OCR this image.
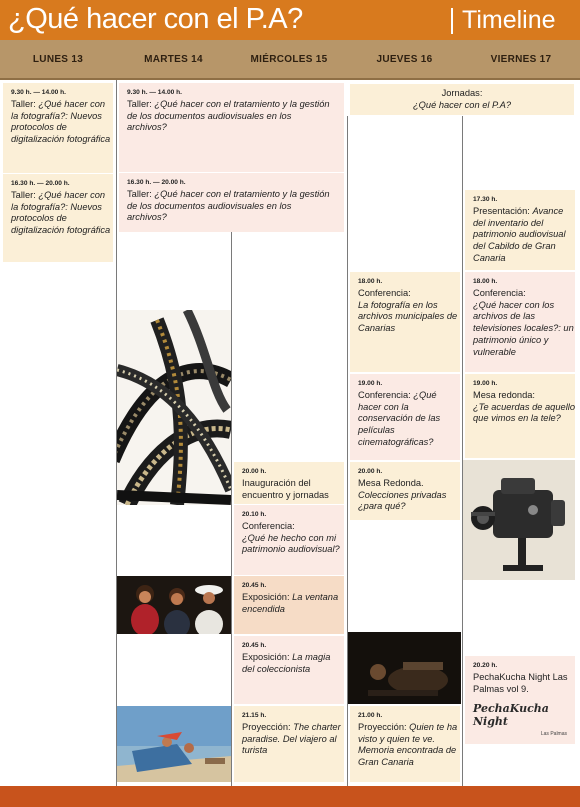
¿Qué hacer con el P.A?	Timeline
LUNES 13	MARTES 14	MIÉRCOLES 15	JUEVES 16	VIERNES 17
9.30 h. — 14.00 h.
Taller: ¿Qué hacer con la fotografía?: Nuevos protocolos de digitalización fotográfica
16.30 h. — 20.00 h.
Taller: ¿Qué hacer con la fotografía?: Nuevos protocolos de digitalización fotográfica
9.30 h. — 14.00 h.
Taller: ¿Qué hacer con el tratamiento y la gestión de los documentos audiovisuales en los archivos?
16.30 h. — 20.00 h.
Taller: ¿Qué hacer con el tratamiento y la gestión de los documentos audiovisuales en los archivos?
Jornadas:
¿Qué hacer con el P.A?
20.00 h.
Inauguración del encuentro y jornadas
20.10 h.
Conferencia:
¿Qué he hecho con mi patrimonio audiovisual?
20.45 h.
Exposición: La ventana encendida
20.45 h.
Exposición: La magia del coleccionista
21.15 h.
Proyección: The charter paradise. Del viajero al turista
18.00 h.
Conferencia:
La fotografía en los archivos municipales de Canarias
19.00 h.
Conferencia: ¿Qué hacer con la conservación de las películas cinematográficas?
20.00 h.
Mesa Redonda.
Colecciones privadas ¿para qué?
21.00 h.
Proyección: Quien te ha visto y quien te ve. Memoria encontrada de Gran Canaria
17.30 h.
Presentación: Avance del inventario del patrimonio audiovisual del Cabildo de Gran Canaria
18.00 h.
Conferencia:
¿Qué hacer con los archivos de las televisiones locales?: un patrimonio único y vulnerable
19.00 h.
Mesa redonda:
¿Te acuerdas de aquello que vimos en la tele?
20.20 h.
PechaKucha Night Las Palmas vol 9.
PechaKucha Night
Las Palmas
